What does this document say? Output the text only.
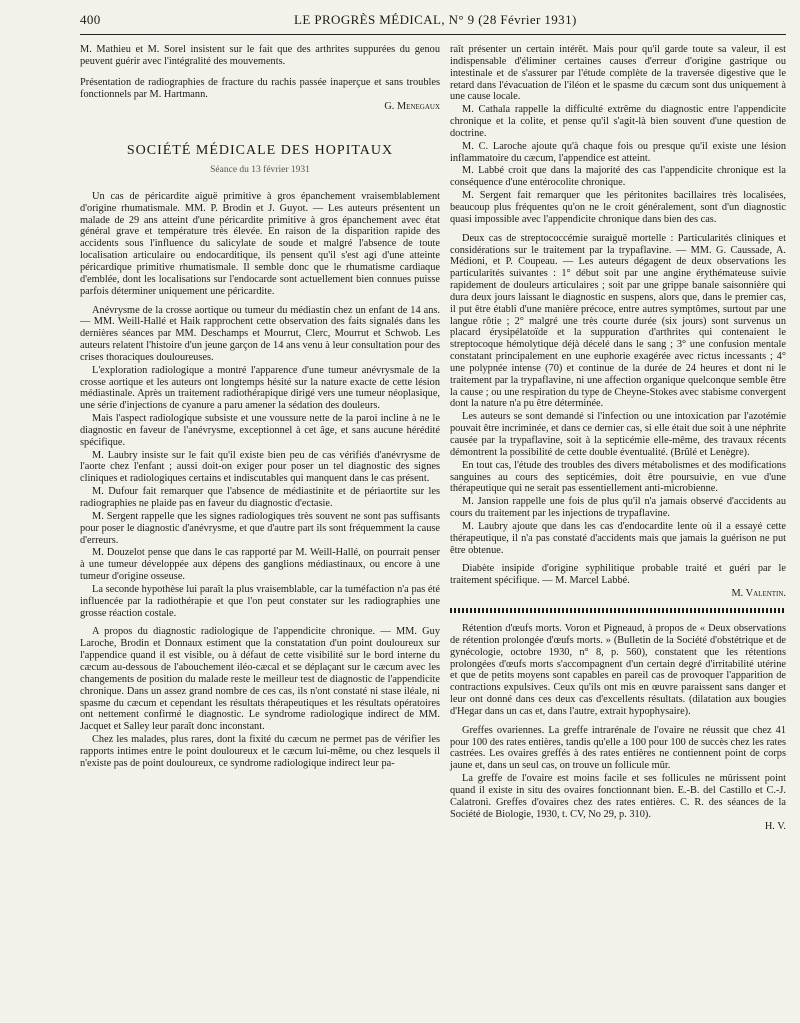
400	LE PROGRÈS MÉDICAL, N° 9 (28 Février 1931)

M. Mathieu et M. Sorel insistent sur le fait que des arthrites suppurées du genou peuvent guérir avec l'intégralité des mouvements.

Présentation de radiographies de fracture du rachis passée inaperçue et sans troubles fonctionnels par M. Hartmann.

G. Menegaux

SOCIÉTÉ MÉDICALE DES HOPITAUX
Séance du 13 février 1931

Un cas de péricardite aiguë primitive à gros épanchement vraisemblablement d'origine rhumatismale. MM. P. Brodin et J. Guyot. — Les auteurs présentent un malade de 29 ans atteint d'une péricardite primitive à gros épanchement avec état général grave et température très élevée. En raison de la disparition rapide des accidents sous l'influence du salicylate de soude et malgré l'absence de toute localisation articulaire ou endocarditique, ils pensent qu'il s'est agi d'une atteinte péricardique primitive rhumatismale. Il semble donc que le rhumatisme cardiaque d'emblée, dont les localisations sur l'endocarde sont actuellement bien connues puisse parfois déterminer uniquement une péricardite.

Anévrysme de la crosse aortique ou tumeur du médiastin chez un enfant de 14 ans. — MM. Weill-Hallé et Haik rapprochent cette observation des faits signalés dans les dernières séances par MM. Deschamps et Mourrut, Clerc, Mourrut et Schwob. Les auteurs relatent l'histoire d'un jeune garçon de 14 ans venu à leur consultation pour des crises thoraciques douloureuses.

L'exploration radiologique a montré l'apparence d'une tumeur anévrysmale de la crosse aortique et les auteurs ont longtemps hésité sur la nature exacte de cette lésion médiastinale. Après un traitement radiothérapique dirigé vers une tumeur néoplasique, une série d'injections de cyanure a paru amener la sédation des douleurs.

Mais l'aspect radiologique subsiste et une voussure nette de la paroi incline à ne le diagnostic en faveur de l'anévrysme, exceptionnel à cet âge, et sans aucune hérédité spécifique.

M. Laubry insiste sur le fait qu'il existe bien peu de cas vérifiés d'anévrysme de l'aorte chez l'enfant ; aussi doit-on exiger pour poser un tel diagnostic des signes cliniques et radiologiques certains et indiscutables qui manquent dans le cas présent.

M. Dufour fait remarquer que l'absence de médiastinite et de périaortite sur les radiographies ne plaide pas en faveur du diagnostic d'ectasie.

M. Sergent rappelle que les signes radiologiques très souvent ne sont pas suffisants pour poser le diagnostic d'anévrysme, et que d'autre part ils sont fréquemment la cause d'erreurs.

M. Douzelot pense que dans le cas rapporté par M. Weill-Hallé, on pourrait penser à une tumeur développée aux dépens des ganglions médiastinaux, ou encore à une tumeur d'origine osseuse.

La seconde hypothèse lui paraît la plus vraisemblable, car la tuméfaction n'a pas été influencée par la radiothérapie et que l'on peut constater sur les radiographies une grosse réaction costale.

A propos du diagnostic radiologique de l'appendicite chronique. — MM. Guy Laroche, Brodin et Donnaux estiment que la constatation d'un point douloureux sur l'appendice quand il est visible, ou à défaut de cette visibilité sur le bord interne du cæcum au-dessous de l'abouchement iléo-cæcal et se déplaçant sur le cæcum avec les changements de position du malade reste le meilleur test de diagnostic de l'appendicite chronique. Dans un assez grand nombre de ces cas, ils n'ont constaté ni stase iléale, ni spasme du cæcum et cependant les résultats thérapeutiques et les résultats opératoires ont nettement confirmé le diagnostic. Le syndrome radiologique indirect de MM. Jacquet et Salley leur paraît donc inconstant.

Chez les malades, plus rares, dont la fixité du cæcum ne permet pas de vérifier les rapports intimes entre le point douloureux et le cæcum lui-même, ou chez lesquels il n'existe pas de point douloureux, ce syndrome radiologique indirect leur pa-

raît présenter un certain intérêt. Mais pour qu'il garde toute sa valeur, il est indispensable d'éliminer certaines causes d'erreur d'origine gastrique ou intestinale et de s'assurer par l'étude complète de la traversée digestive que le retard dans l'évacuation de l'iléon et le spasme du cæcum sont dus uniquement à une cause locale.

M. Cathala rappelle la difficulté extrême du diagnostic entre l'appendicite chronique et la colite, et pense qu'il s'agit-là bien souvent d'une question de doctrine.

M. C. Laroche ajoute qu'à chaque fois ou presque qu'il existe une lésion inflammatoire du cæcum, l'appendice est atteint.

M. Labbé croit que dans la majorité des cas l'appendicite chronique est la conséquence d'une entérocolite chronique.

M. Sergent fait remarquer que les péritonites bacillaires très localisées, beaucoup plus fréquentes qu'on ne le croit généralement, sont d'un diagnostic quasi impossible avec l'appendicite chronique dans bien des cas.

Deux cas de streptococcémie suraiguë mortelle : Particularités cliniques et considérations sur le traitement par la trypaflavine. — MM. G. Caussade, A. Médioni, et P. Coupeau. — Les auteurs dégagent de deux observations les particularités suivantes : 1° début soit par une angine érythémateuse suivie rapidement de douleurs articulaires ; soit par une grippe banale saisonnière qui dura deux jours laissant le diagnostic en suspens, alors que, dans le premier cas, il put être établi d'une manière précoce, entre autres symptômes, surtout par une langue rôtie ; 2° malgré une très courte durée (six jours) sont survenus un placard érysipélatoïde et la suppuration d'arthrites qui contenaient le streptocoque hémolytique déjà décelé dans le sang ; 3° une confusion mentale constatant principalement en une euphorie exagérée avec rictus incessants ; 4° une polypnée intense (70) et continue de la durée de 24 heures et dont ni le traitement par la trypaflavine, ni une affection organique quelconque semble être la cause ; ou une respiration du type de Cheyne-Stokes avec stabisme convergent dont la nature n'a pu être déterminée.

Les auteurs se sont demandé si l'infection ou une intoxication par l'azotémie pouvait être incriminée, et dans ce dernier cas, si elle était due soit à une néphrite causée par la trypaflavine, soit à la septicémie elle-même, des travaux récents démontrent la possibilité de cette double éventualité. (Brûlé et Lenègre).

En tout cas, l'étude des troubles des divers métabolismes et des modifications sanguines au cours des septicémies, doit être poursuivie, en vue d'une thérapeutique qui ne serait pas essentiellement anti-microbienne.

M. Jansion rappelle une fois de plus qu'il n'a jamais observé d'accidents au cours du traitement par les injections de trypaflavine.

M. Laubry ajoute que dans les cas d'endocardite lente où il a essayé cette thérapeutique, il n'a pas constaté d'accidents mais que jamais la guérison ne put être obtenue.

Diabète insipide d'origine syphilitique probable traité et guéri par le traitement spécifique. — M. Marcel Labbé.

M. Valentin.

Rétention d'œufs morts. Voron et Pigneaud, à propos de « Deux observations de rétention prolongée d'œufs morts. » (Bulletin de la Société d'obstétrique et de gynécologie, octobre 1930, n° 8, p. 560), constatent que les rétentions prolongées d'œufs morts s'accompagnent d'un certain degré d'irritabilité utérine et que de petits moyens sont capables en pareil cas de provoquer l'apparition de contractions expulsives. Ceux qu'ils ont mis en œuvre paraissent sans danger et leur ont donné dans ces deux cas d'excellents résultats. (dilatation aux bougies d'Hegar dans un cas et, dans l'autre, extrait hypophysaire).

Greffes ovariennes. La greffe intrarénale de l'ovaire ne réussit que chez 41 pour 100 des rates entières, tandis qu'elle a 100 pour 100 de succès chez les rates castrées. Les ovaires greffés à des rates entières ne contiennent point de corps jaune et, dans un seul cas, on trouve un follicule mûr.

La greffe de l'ovaire est moins facile et ses follicules ne mûrissent point quand il existe in situ des ovaires fonctionnant bien. E.-B. del Castillo et C.-J. Calatroni. Greffes d'ovaires chez des rates entières. C. R. des séances de la Société de Biologie, 1930, t. CV, No 29, p. 310).

H. V.
